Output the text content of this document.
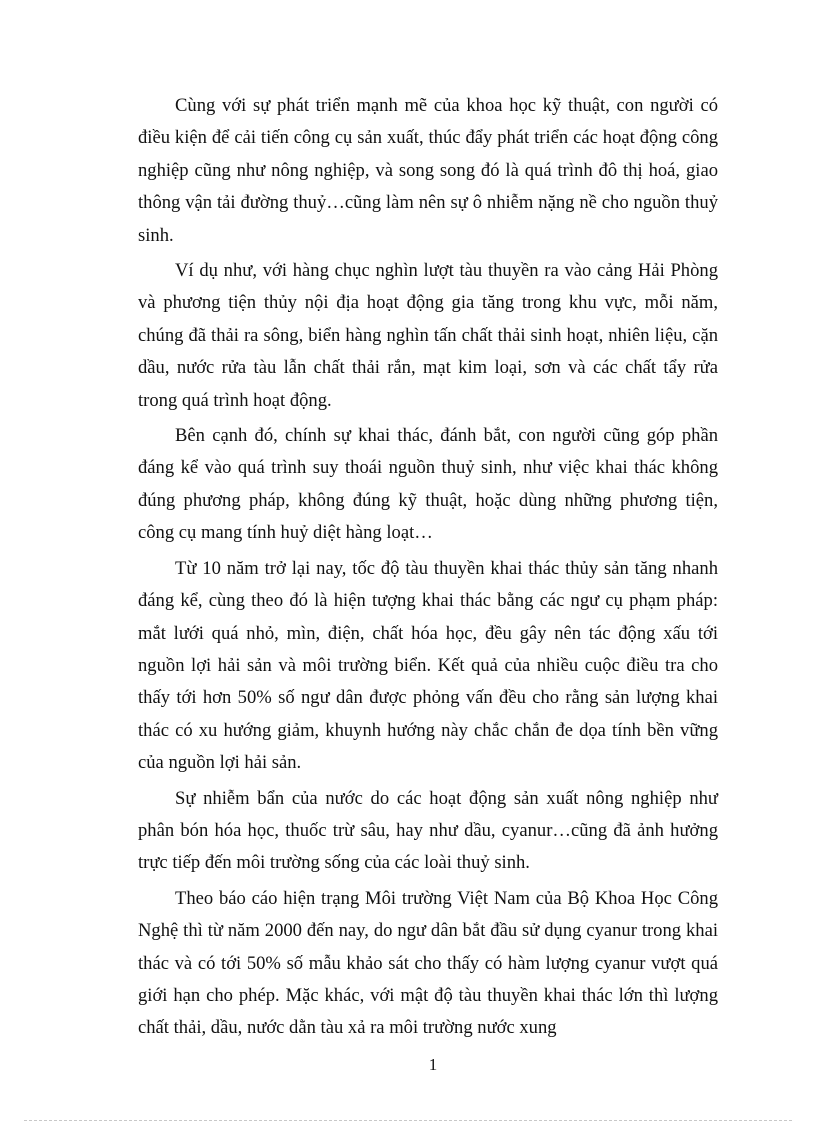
Cùng với sự phát triển mạnh mẽ của khoa học kỹ thuật, con người có điều kiện để cải tiến công cụ sản xuất, thúc đẩy phát triển các hoạt động công nghiệp cũng như nông nghiệp, và song song đó là quá trình đô thị hoá, giao thông vận tải đường thuỷ…cũng làm nên sự ô nhiễm nặng nề cho nguồn thuỷ sinh.

Ví dụ như, với hàng chục nghìn lượt tàu thuyền ra vào cảng Hải Phòng và phương tiện thủy nội địa hoạt động gia tăng trong khu vực, mỗi năm, chúng đã thải ra sông, biển hàng nghìn tấn chất thải sinh hoạt, nhiên liệu, cặn dầu, nước rửa tàu lẫn chất thải rắn, mạt kim loại, sơn và các chất tẩy rửa trong quá trình hoạt động.

Bên cạnh đó, chính sự khai thác, đánh bắt, con người cũng góp phần đáng kể vào quá trình suy thoái nguồn thuỷ sinh, như việc khai thác không đúng phương pháp, không đúng kỹ thuật, hoặc dùng những phương tiện, công cụ mang tính huỷ diệt hàng loạt…

Từ 10 năm trở lại nay, tốc độ tàu thuyền khai thác thủy sản tăng nhanh đáng kể, cùng theo đó là hiện tượng khai thác bằng các ngư cụ phạm pháp: mắt lưới quá nhỏ, mìn, điện, chất hóa học, đều gây nên tác động xấu tới nguồn lợi hải sản và môi trường biển. Kết quả của nhiều cuộc điều tra cho thấy tới hơn 50% số ngư dân được phỏng vấn đều cho rằng sản lượng khai thác có xu hướng giảm, khuynh hướng này chắc chắn đe dọa tính bền vững của nguồn lợi hải sản.

Sự nhiễm bẩn của nước do các hoạt động sản xuất nông nghiệp như phân bón hóa học, thuốc trừ sâu, hay như dầu, cyanur…cũng đã ảnh hưởng trực tiếp đến môi trường sống của các loài thuỷ sinh.

Theo báo cáo hiện trạng Môi trường Việt Nam của Bộ Khoa Học Công Nghệ thì từ năm 2000 đến nay, do ngư dân bắt đầu sử dụng cyanur trong khai thác và có tới 50% số mẫu khảo sát cho thấy có hàm lượng cyanur vượt quá giới hạn cho phép. Mặc khác, với mật độ tàu thuyền khai thác lớn thì lượng chất thải, dầu, nước dằn tàu xả ra môi trường nước xung

1
